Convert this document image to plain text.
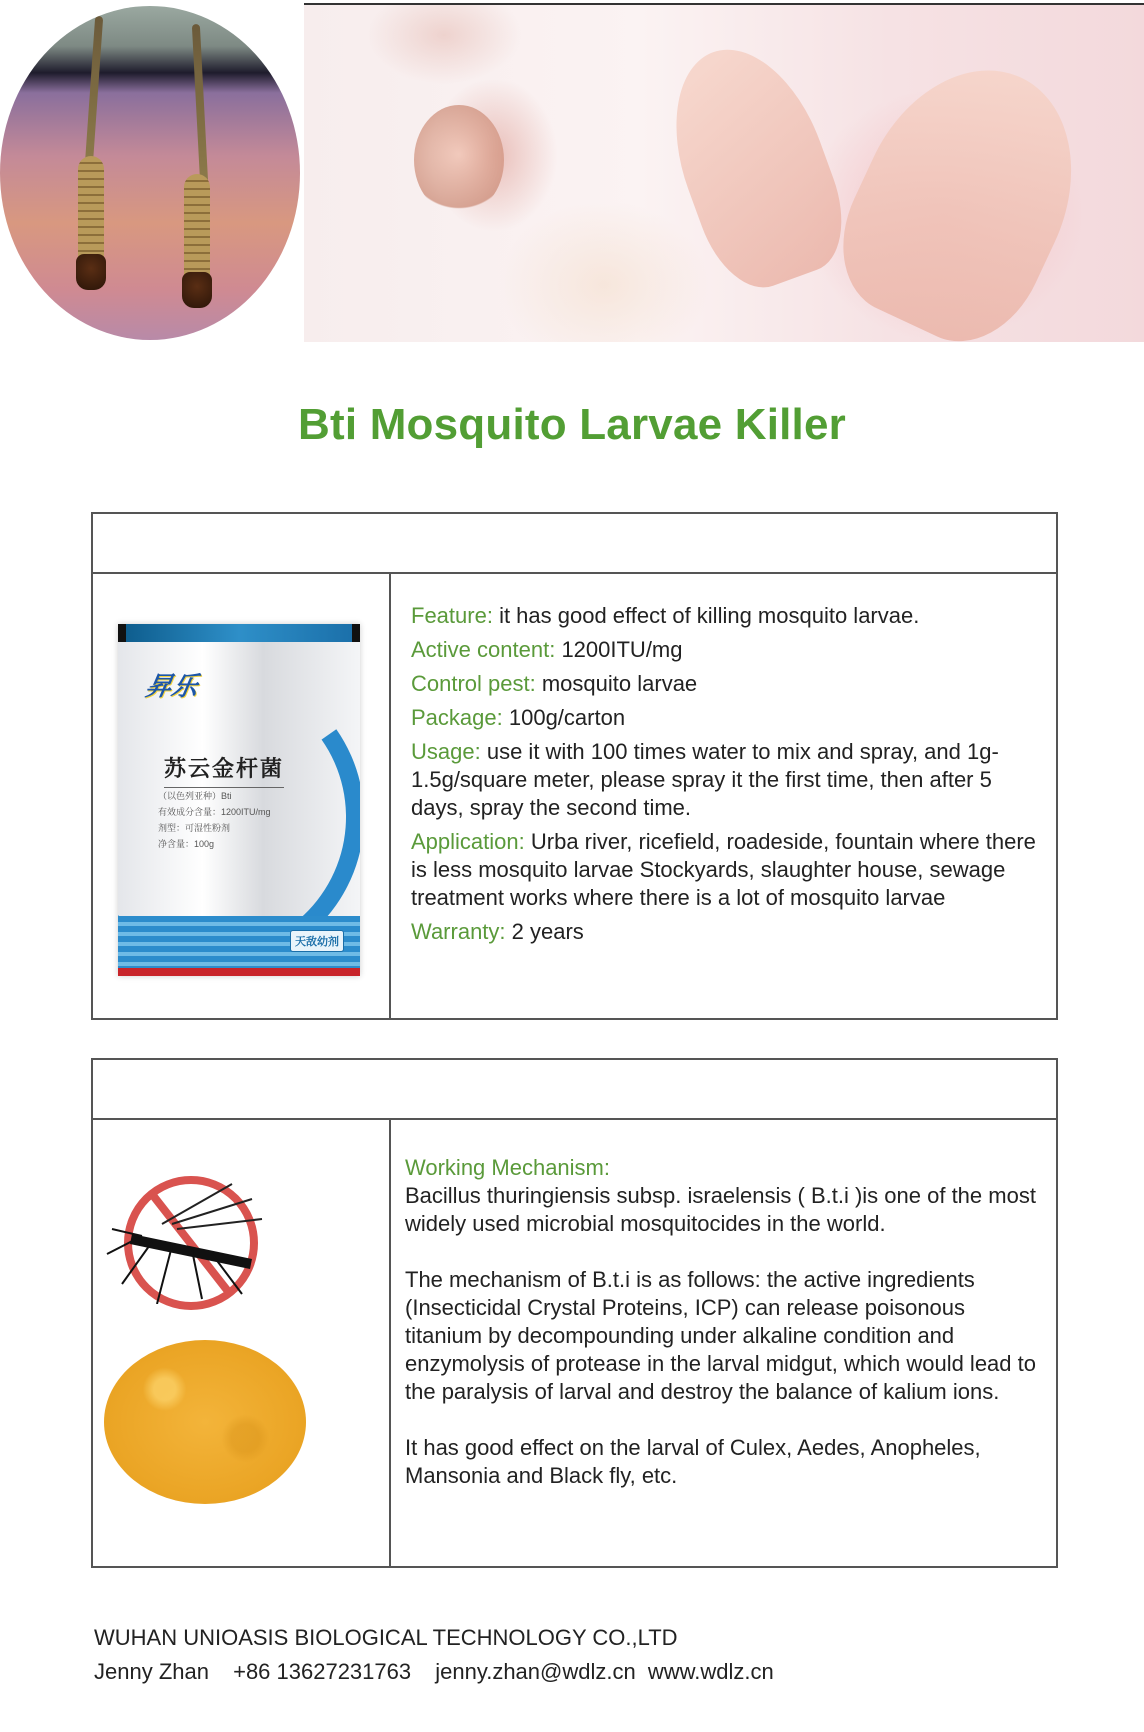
Bti Mosquito Larvae Killer
昇乐
苏云金杆菌
（以色列亚种）Bti
有效成分含量：1200ITU/mg
剂型：可湿性粉剂
净含量：100g
天敌幼剂
Feature: it has good effect of killing mosquito larvae.
Active content: 1200ITU/mg
Control pest: mosquito larvae
Package: 100g/carton
Usage: use it with 100 times water to mix and spray, and 1g-1.5g/square meter, please spray it the first time, then after 5 days, spray the second time.
Application: Urba river, ricefield, roadeside, fountain where there is less mosquito larvae Stockyards, slaughter house, sewage treatment works where there is a lot of mosquito larvae
Warranty: 2 years
Working Mechanism:

Bacillus thuringiensis subsp. israelensis ( B.t.i )is one of the most widely used microbial mosquitocides in the world.

The mechanism of B.t.i is as follows: the active ingredients (Insecticidal Crystal Proteins, ICP) can release poisonous titanium by decompounding under alkaline condition and enzymolysis of protease in the larval midgut, which would lead to the paralysis of larval and destroy the balance of kalium ions.

It has good effect on the larval of Culex, Aedes, Anopheles, Mansonia and Black fly, etc.

WUHAN UNIOASIS BIOLOGICAL TECHNOLOGY CO.,LTD
Jenny Zhan +86 13627231763 jenny.zhan@wdlz.cn www.wdlz.cn
